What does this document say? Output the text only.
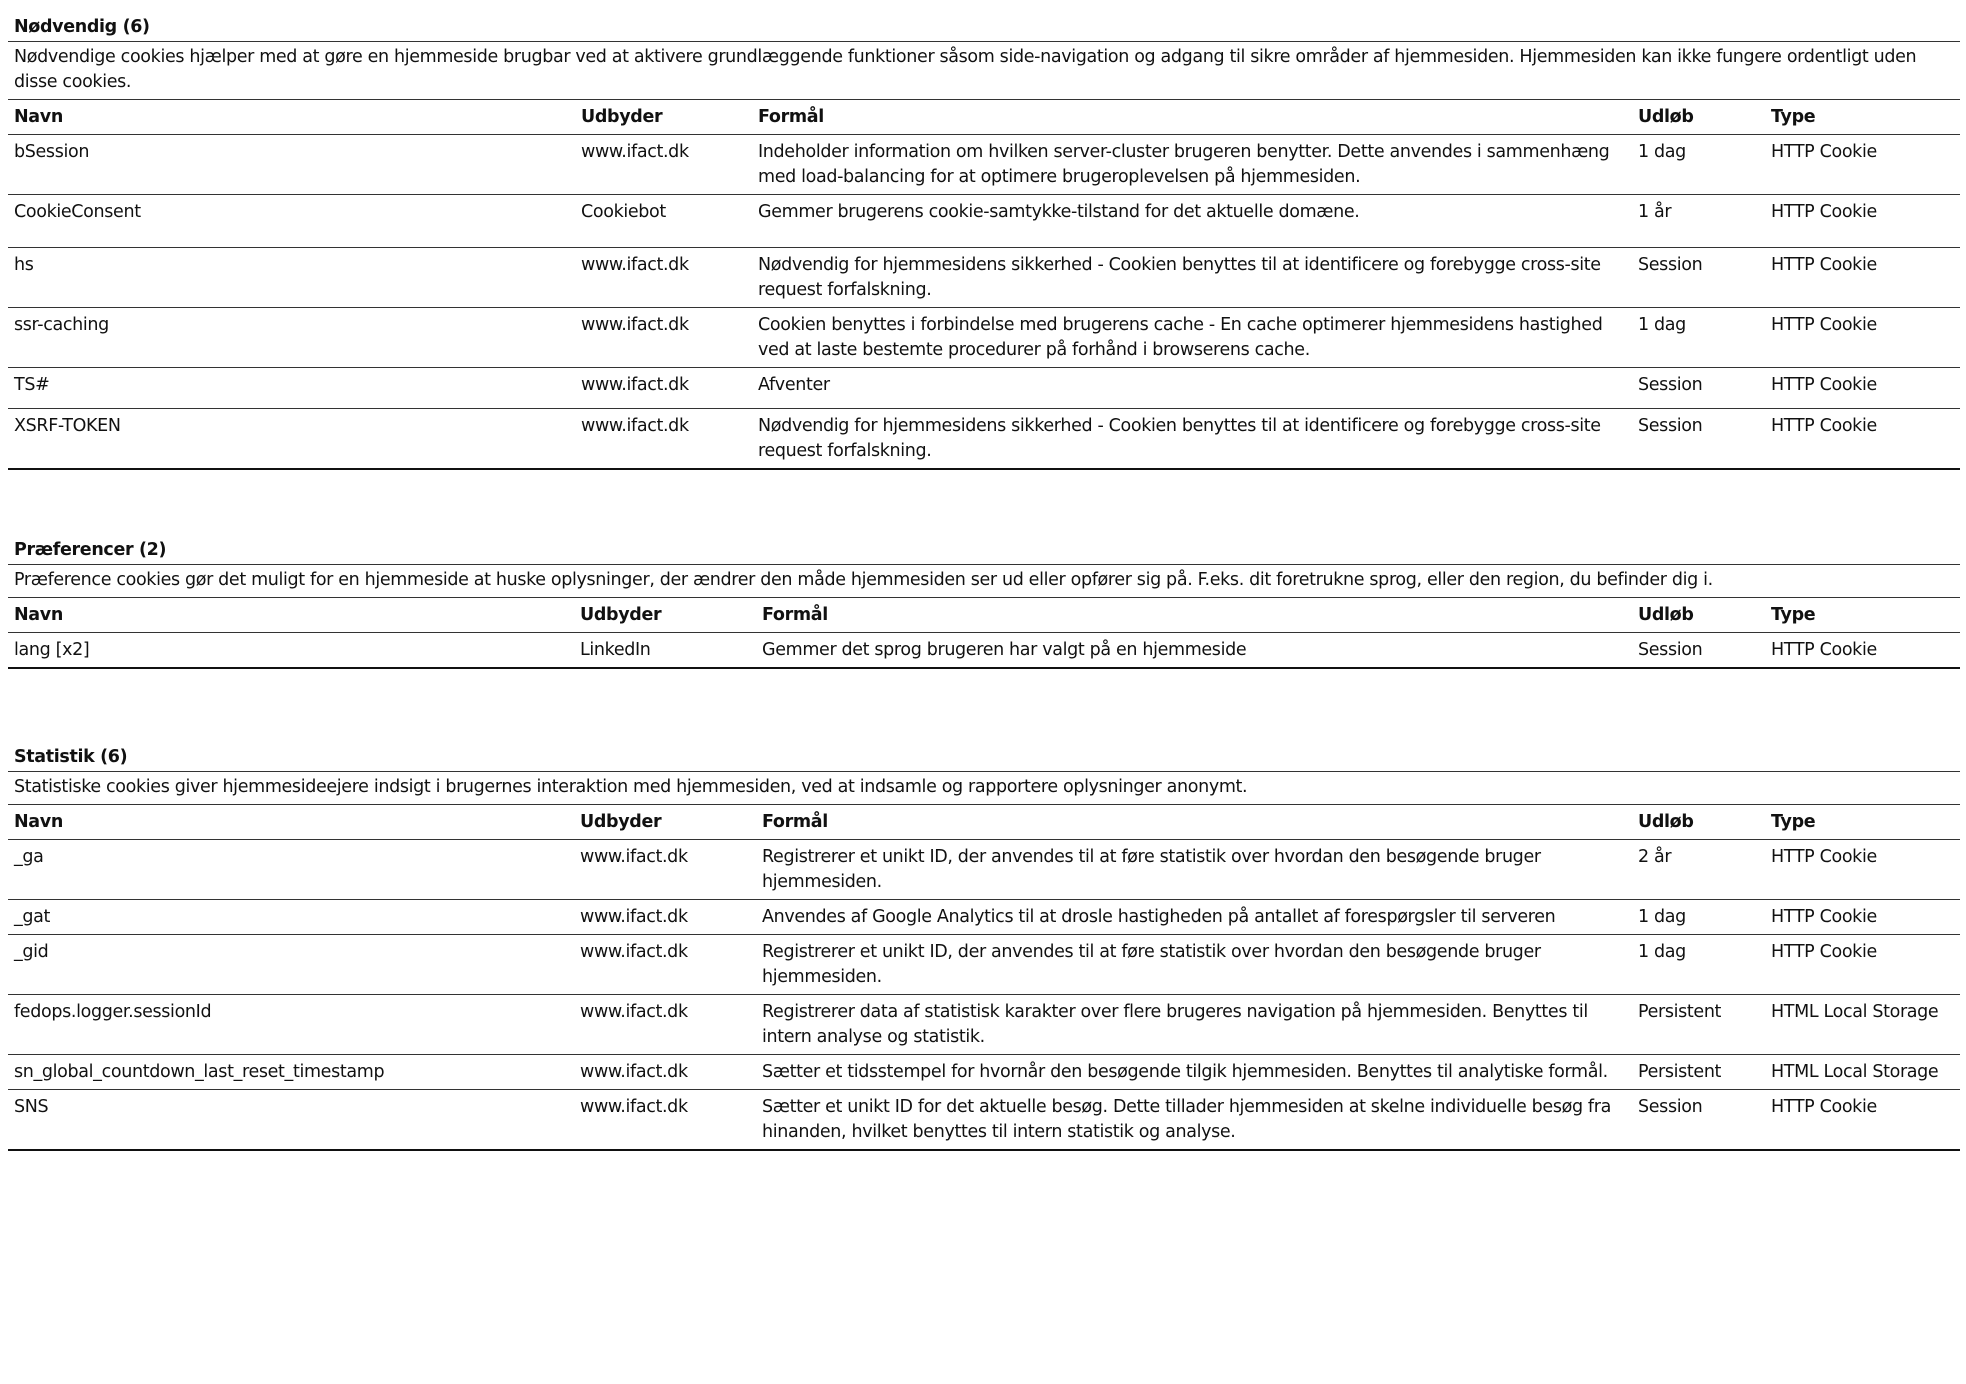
Nødvendig (6)
Nødvendige cookies hjælper med at gøre en hjemmeside brugbar ved at aktivere grundlæggende funktioner såsom side-navigation og adgang til sikre områder af hjemmesiden. Hjemmesiden kan ikke fungere ordentligt uden disse cookies.
Navn	Udbyder	Formål	Udløb	Type
bSession	www.ifact.dk	Indeholder information om hvilken server-cluster brugeren benytter. Dette anvendes i sammenhæng med load-balancing for at optimere brugeroplevelsen på hjemmesiden.	1 dag	HTTP Cookie
CookieConsent	Cookiebot	Gemmer brugerens cookie-samtykke-tilstand for det aktuelle domæne.	1 år	HTTP Cookie
hs	www.ifact.dk	Nødvendig for hjemmesidens sikkerhed - Cookien benyttes til at identificere og forebygge cross-site request forfalskning.	Session	HTTP Cookie
ssr-caching	www.ifact.dk	Cookien benyttes i forbindelse med brugerens cache - En cache optimerer hjemmesidens hastighed ved at laste bestemte procedurer på forhånd i browserens cache.	1 dag	HTTP Cookie
TS#	www.ifact.dk	Afventer	Session	HTTP Cookie
XSRF-TOKEN	www.ifact.dk	Nødvendig for hjemmesidens sikkerhed - Cookien benyttes til at identificere og forebygge cross-site request forfalskning.	Session	HTTP Cookie
Præferencer (2)
Præference cookies gør det muligt for en hjemmeside at huske oplysninger, der ændrer den måde hjemmesiden ser ud eller opfører sig på. F.eks. dit foretrukne sprog, eller den region, du befinder dig i.
Navn	Udbyder	Formål	Udløb	Type
lang [x2]	LinkedIn	Gemmer det sprog brugeren har valgt på en hjemmeside	Session	HTTP Cookie
Statistik (6)
Statistiske cookies giver hjemmesideejere indsigt i brugernes interaktion med hjemmesiden, ved at indsamle og rapportere oplysninger anonymt.
Navn	Udbyder	Formål	Udløb	Type
_ga	www.ifact.dk	Registrerer et unikt ID, der anvendes til at føre statistik over hvordan den besøgende bruger hjemmesiden.	2 år	HTTP Cookie
_gat	www.ifact.dk	Anvendes af Google Analytics til at drosle hastigheden på antallet af forespørgsler til serveren	1 dag	HTTP Cookie
_gid	www.ifact.dk	Registrerer et unikt ID, der anvendes til at føre statistik over hvordan den besøgende bruger hjemmesiden.	1 dag	HTTP Cookie
fedops.logger.sessionId	www.ifact.dk	Registrerer data af statistisk karakter over flere brugeres navigation på hjemmesiden. Benyttes til intern analyse og statistik.	Persistent	HTML Local Storage
sn_global_countdown_last_reset_timestamp	www.ifact.dk	Sætter et tidsstempel for hvornår den besøgende tilgik hjemmesiden. Benyttes til analytiske formål.	Persistent	HTML Local Storage
SNS	www.ifact.dk	Sætter et unikt ID for det aktuelle besøg. Dette tillader hjemmesiden at skelne individuelle besøg fra hinanden, hvilket benyttes til intern statistik og analyse.	Session	HTTP Cookie
